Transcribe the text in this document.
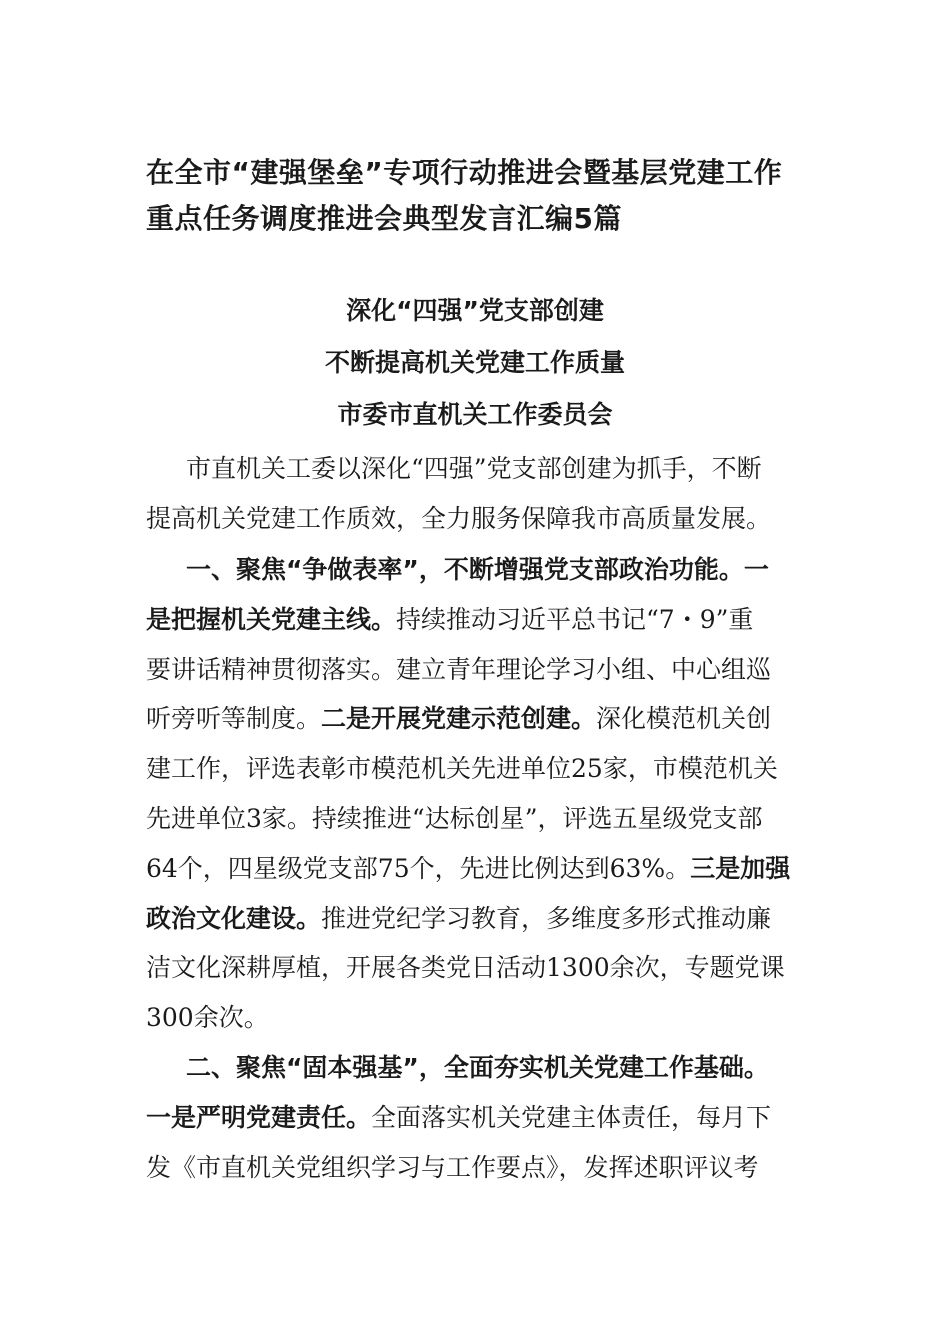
在全市“建强堡垒”专项行动推进会暨基层党建工作
重点任务调度推进会典型发言汇编5篇

深化“四强”党支部创建

不断提高机关党建工作质量

市委市直机关工作委员会

市直机关工委以深化“四强”党支部创建为抓手，不断
提高机关党建工作质效，全力服务保障我市高质量发展。
一、聚焦“争做表率”，不断增强党支部政治功能。一
是把握机关党建主线。持续推动习近平总书记“7・9”重
要讲话精神贯彻落实。建立青年理论学习小组、中心组巡
听旁听等制度。二是开展党建示范创建。深化模范机关创
建工作，评选表彰市模范机关先进单位25家，市模范机关
先进单位3家。持续推进“达标创星”，评选五星级党支部
64个，四星级党支部75个，先进比例达到63%。三是加强
政治文化建设。推进党纪学习教育，多维度多形式推动廉
洁文化深耕厚植，开展各类党日活动1300余次，专题党课
300余次。
二、聚焦“固本强基”，全面夯实机关党建工作基础。
一是严明党建责任。全面落实机关党建主体责任，每月下
发《市直机关党组织学习与工作要点》，发挥述职评议考
